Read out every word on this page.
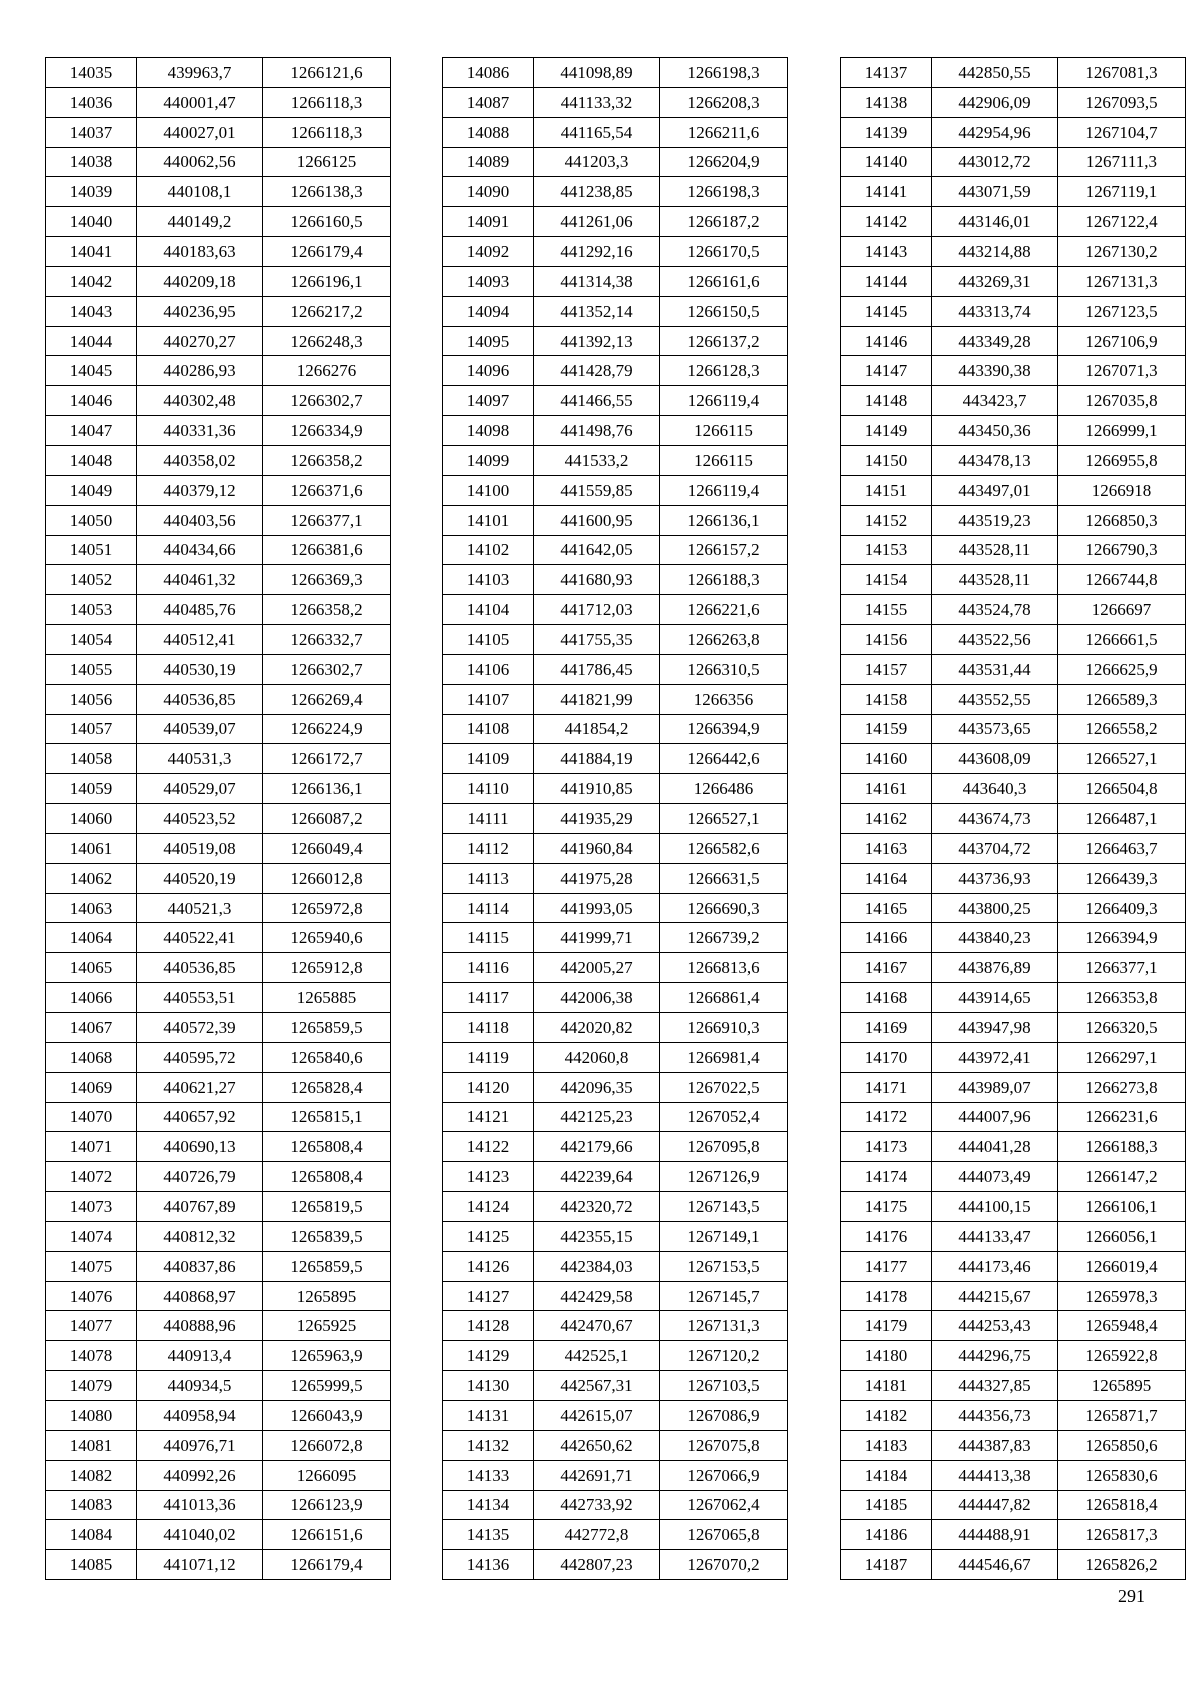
14035	439963,7	1266121,6
14036	440001,47	1266118,3
14037	440027,01	1266118,3
14038	440062,56	1266125
14039	440108,1	1266138,3
14040	440149,2	1266160,5
14041	440183,63	1266179,4
14042	440209,18	1266196,1
14043	440236,95	1266217,2
14044	440270,27	1266248,3
14045	440286,93	1266276
14046	440302,48	1266302,7
14047	440331,36	1266334,9
14048	440358,02	1266358,2
14049	440379,12	1266371,6
14050	440403,56	1266377,1
14051	440434,66	1266381,6
14052	440461,32	1266369,3
14053	440485,76	1266358,2
14054	440512,41	1266332,7
14055	440530,19	1266302,7
14056	440536,85	1266269,4
14057	440539,07	1266224,9
14058	440531,3	1266172,7
14059	440529,07	1266136,1
14060	440523,52	1266087,2
14061	440519,08	1266049,4
14062	440520,19	1266012,8
14063	440521,3	1265972,8
14064	440522,41	1265940,6
14065	440536,85	1265912,8
14066	440553,51	1265885
14067	440572,39	1265859,5
14068	440595,72	1265840,6
14069	440621,27	1265828,4
14070	440657,92	1265815,1
14071	440690,13	1265808,4
14072	440726,79	1265808,4
14073	440767,89	1265819,5
14074	440812,32	1265839,5
14075	440837,86	1265859,5
14076	440868,97	1265895
14077	440888,96	1265925
14078	440913,4	1265963,9
14079	440934,5	1265999,5
14080	440958,94	1266043,9
14081	440976,71	1266072,8
14082	440992,26	1266095
14083	441013,36	1266123,9
14084	441040,02	1266151,6
14085	441071,12	1266179,4
14086	441098,89	1266198,3
14087	441133,32	1266208,3
14088	441165,54	1266211,6
14089	441203,3	1266204,9
14090	441238,85	1266198,3
14091	441261,06	1266187,2
14092	441292,16	1266170,5
14093	441314,38	1266161,6
14094	441352,14	1266150,5
14095	441392,13	1266137,2
14096	441428,79	1266128,3
14097	441466,55	1266119,4
14098	441498,76	1266115
14099	441533,2	1266115
14100	441559,85	1266119,4
14101	441600,95	1266136,1
14102	441642,05	1266157,2
14103	441680,93	1266188,3
14104	441712,03	1266221,6
14105	441755,35	1266263,8
14106	441786,45	1266310,5
14107	441821,99	1266356
14108	441854,2	1266394,9
14109	441884,19	1266442,6
14110	441910,85	1266486
14111	441935,29	1266527,1
14112	441960,84	1266582,6
14113	441975,28	1266631,5
14114	441993,05	1266690,3
14115	441999,71	1266739,2
14116	442005,27	1266813,6
14117	442006,38	1266861,4
14118	442020,82	1266910,3
14119	442060,8	1266981,4
14120	442096,35	1267022,5
14121	442125,23	1267052,4
14122	442179,66	1267095,8
14123	442239,64	1267126,9
14124	442320,72	1267143,5
14125	442355,15	1267149,1
14126	442384,03	1267153,5
14127	442429,58	1267145,7
14128	442470,67	1267131,3
14129	442525,1	1267120,2
14130	442567,31	1267103,5
14131	442615,07	1267086,9
14132	442650,62	1267075,8
14133	442691,71	1267066,9
14134	442733,92	1267062,4
14135	442772,8	1267065,8
14136	442807,23	1267070,2
14137	442850,55	1267081,3
14138	442906,09	1267093,5
14139	442954,96	1267104,7
14140	443012,72	1267111,3
14141	443071,59	1267119,1
14142	443146,01	1267122,4
14143	443214,88	1267130,2
14144	443269,31	1267131,3
14145	443313,74	1267123,5
14146	443349,28	1267106,9
14147	443390,38	1267071,3
14148	443423,7	1267035,8
14149	443450,36	1266999,1
14150	443478,13	1266955,8
14151	443497,01	1266918
14152	443519,23	1266850,3
14153	443528,11	1266790,3
14154	443528,11	1266744,8
14155	443524,78	1266697
14156	443522,56	1266661,5
14157	443531,44	1266625,9
14158	443552,55	1266589,3
14159	443573,65	1266558,2
14160	443608,09	1266527,1
14161	443640,3	1266504,8
14162	443674,73	1266487,1
14163	443704,72	1266463,7
14164	443736,93	1266439,3
14165	443800,25	1266409,3
14166	443840,23	1266394,9
14167	443876,89	1266377,1
14168	443914,65	1266353,8
14169	443947,98	1266320,5
14170	443972,41	1266297,1
14171	443989,07	1266273,8
14172	444007,96	1266231,6
14173	444041,28	1266188,3
14174	444073,49	1266147,2
14175	444100,15	1266106,1
14176	444133,47	1266056,1
14177	444173,46	1266019,4
14178	444215,67	1265978,3
14179	444253,43	1265948,4
14180	444296,75	1265922,8
14181	444327,85	1265895
14182	444356,73	1265871,7
14183	444387,83	1265850,6
14184	444413,38	1265830,6
14185	444447,82	1265818,4
14186	444488,91	1265817,3
14187	444546,67	1265826,2
291
